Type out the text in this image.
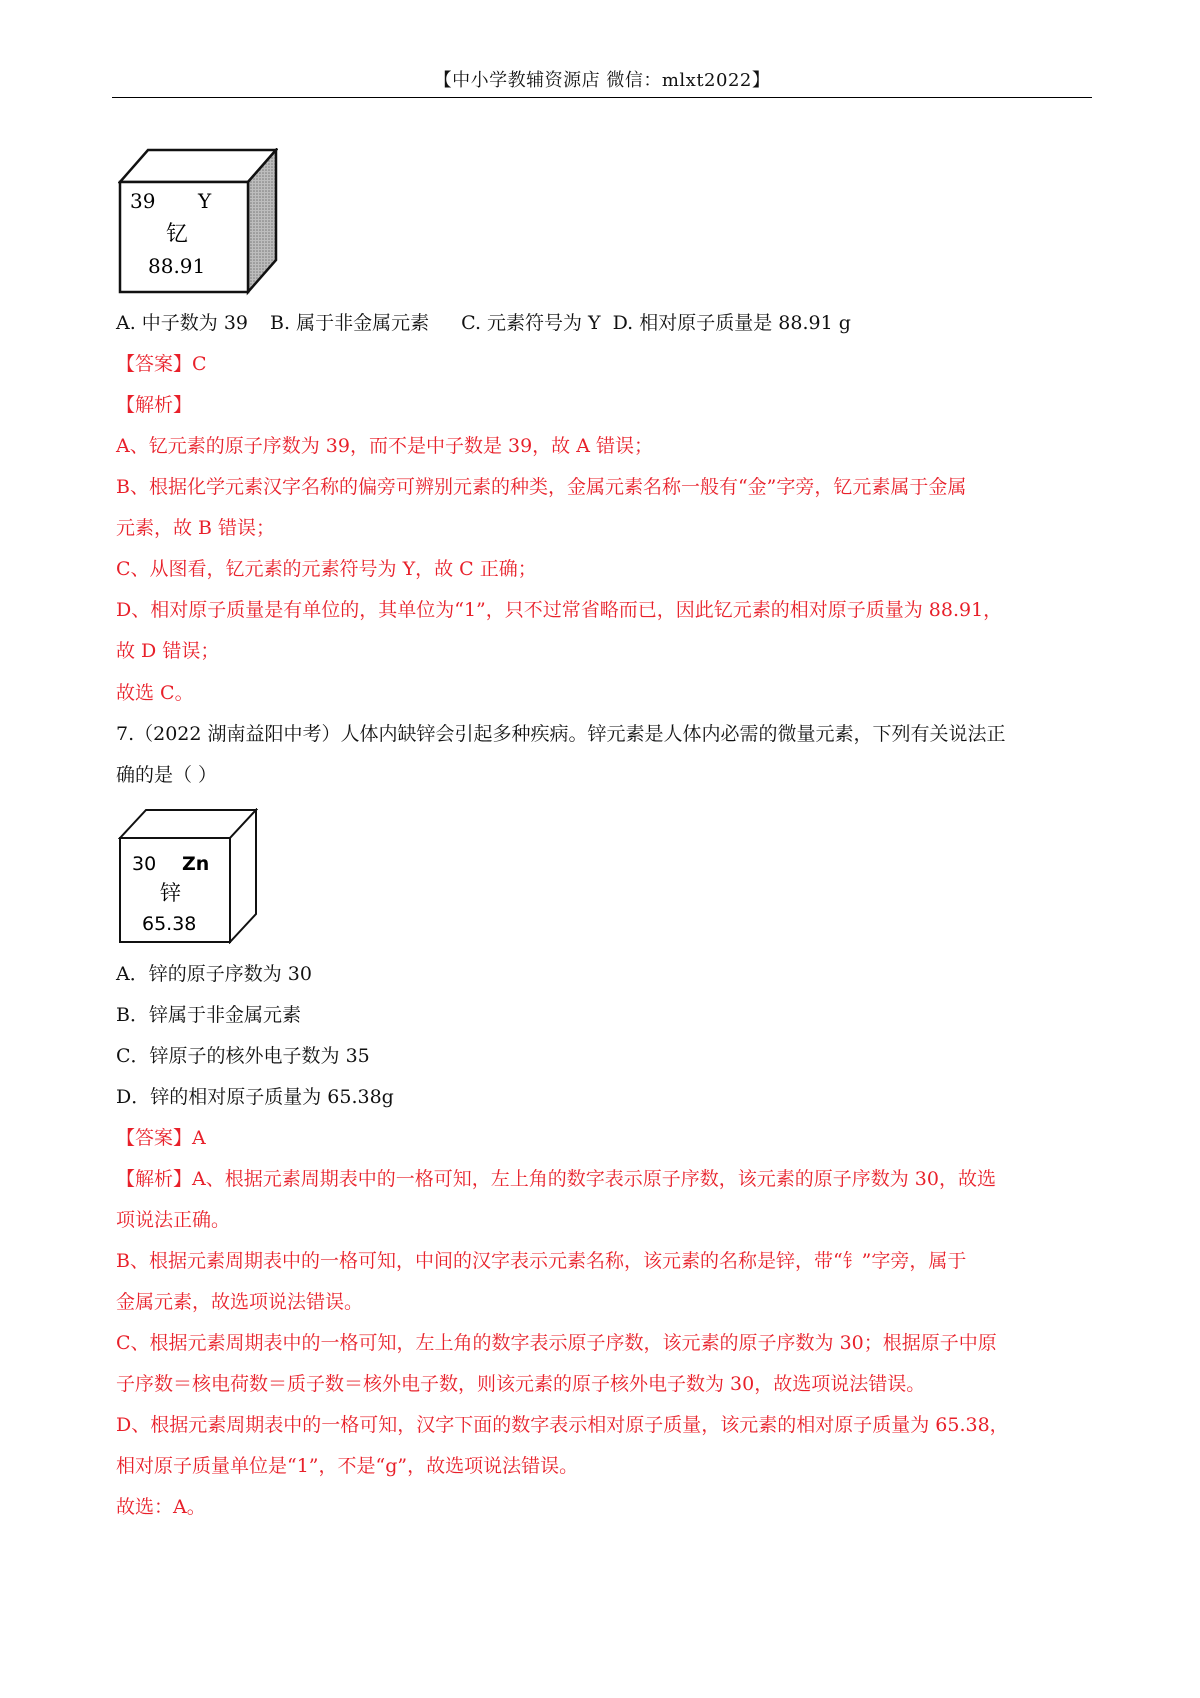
【中小学教辅资源店 微信：mlxt2022】
39 Y
钇
88.91
A. 中子数为 39 B. 属于非金属元素 C. 元素符号为 Y D. 相对原子质量是 88.91 g
【答案】C
【解析】
A、钇元素的原子序数为 39，而不是中子数是 39，故 A 错误；
B、根据化学元素汉字名称的偏旁可辨别元素的种类，金属元素名称一般有“金”字旁，钇元素属于金属
元素，故 B 错误；
C、从图看，钇元素的元素符号为 Y，故 C 正确；
D、相对原子质量是有单位的，其单位为“1”，只不过常省略而已，因此钇元素的相对原子质量为 88.91，
故 D 错误；
故选 C。
7.（2022 湖南益阳中考）人体内缺锌会引起多种疾病。锌元素是人体内必需的微量元素，下列有关说法正
确的是（ ）
30 Zn
锌
65.38
A．锌的原子序数为 30
B．锌属于非金属元素
C．锌原子的核外电子数为 35
D．锌的相对原子质量为 65.38g
【答案】A
【解析】A、根据元素周期表中的一格可知，左上角的数字表示原子序数，该元素的原子序数为 30，故选
项说法正确。
B、根据元素周期表中的一格可知，中间的汉字表示元素名称，该元素的名称是锌，带“钅”字旁，属于
金属元素，故选项说法错误。
C、根据元素周期表中的一格可知，左上角的数字表示原子序数，该元素的原子序数为 30；根据原子中原
子序数＝核电荷数＝质子数＝核外电子数，则该元素的原子核外电子数为 30，故选项说法错误。
D、根据元素周期表中的一格可知，汉字下面的数字表示相对原子质量，该元素的相对原子质量为 65.38，
相对原子质量单位是“1”，不是“g”，故选项说法错误。
故选：A。
